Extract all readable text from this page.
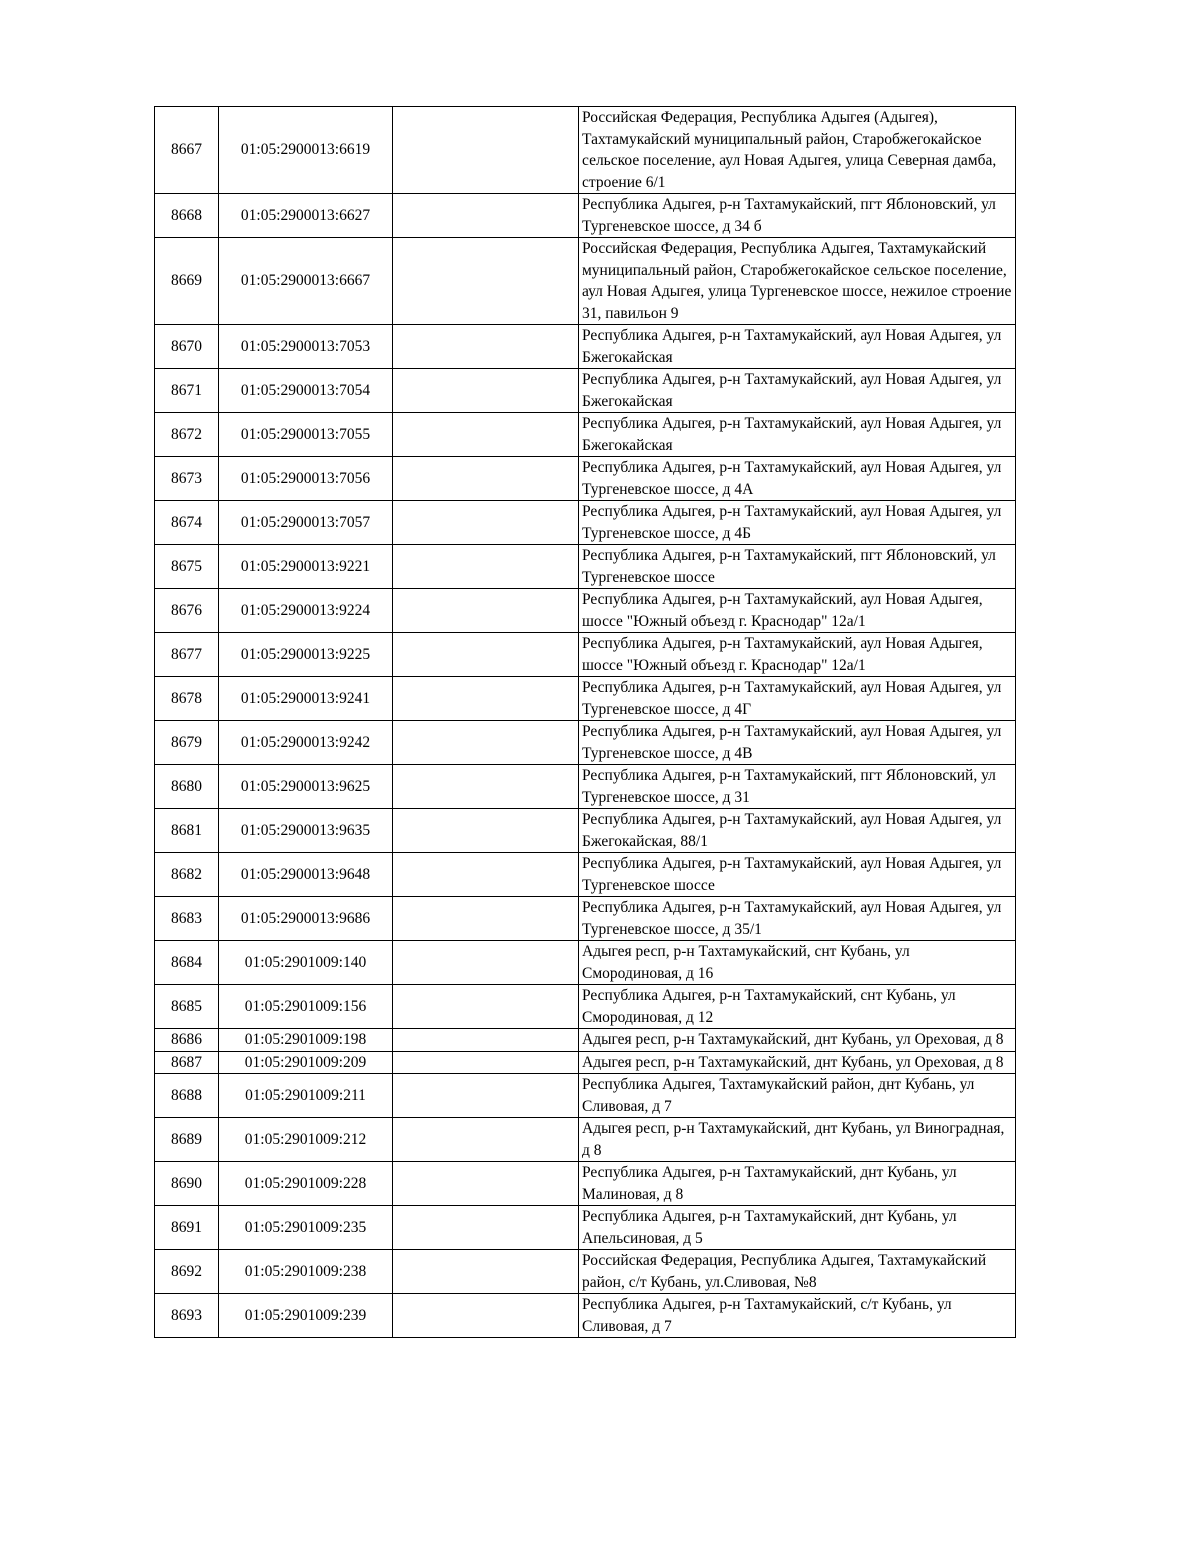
8667	01:05:2900013:6619		Российская Федерация, Республика Адыгея (Адыгея), Тахтамукайский муниципальный район, Старобжегокайское сельское поселение, аул Новая Адыгея, улица Северная дамба, строение 6/1
8668	01:05:2900013:6627		Республика Адыгея, р-н Тахтамукайский, пгт Яблоновский, ул Тургеневское шоссе, д 34 б
8669	01:05:2900013:6667		Российская Федерация, Республика Адыгея, Тахтамукайский муниципальный район, Старобжегокайское сельское поселение, аул Новая Адыгея, улица Тургеневское шоссе, нежилое строение 31, павильон 9
8670	01:05:2900013:7053		Республика Адыгея, р-н Тахтамукайский, аул Новая Адыгея, ул Бжегокайская
8671	01:05:2900013:7054		Республика Адыгея, р-н Тахтамукайский, аул Новая Адыгея, ул Бжегокайская
8672	01:05:2900013:7055		Республика Адыгея, р-н Тахтамукайский, аул Новая Адыгея, ул Бжегокайская
8673	01:05:2900013:7056		Республика Адыгея, р-н Тахтамукайский, аул Новая Адыгея, ул Тургеневское шоссе, д 4А
8674	01:05:2900013:7057		Республика Адыгея, р-н Тахтамукайский, аул Новая Адыгея, ул Тургеневское шоссе, д 4Б
8675	01:05:2900013:9221		Республика Адыгея, р-н Тахтамукайский, пгт Яблоновский, ул Тургеневское шоссе
8676	01:05:2900013:9224		Республика Адыгея, р-н Тахтамукайский, аул Новая Адыгея, шоссе "Южный объезд г. Краснодар" 12а/1
8677	01:05:2900013:9225		Республика Адыгея, р-н Тахтамукайский, аул Новая Адыгея, шоссе "Южный объезд г. Краснодар" 12а/1
8678	01:05:2900013:9241		Республика Адыгея, р-н Тахтамукайский, аул Новая Адыгея, ул Тургеневское шоссе, д 4Г
8679	01:05:2900013:9242		Республика Адыгея, р-н Тахтамукайский, аул Новая Адыгея, ул Тургеневское шоссе, д 4В
8680	01:05:2900013:9625		Республика Адыгея, р-н Тахтамукайский, пгт Яблоновский, ул Тургеневское шоссе, д 31
8681	01:05:2900013:9635		Республика Адыгея, р-н Тахтамукайский, аул Новая Адыгея, ул Бжегокайская, 88/1
8682	01:05:2900013:9648		Республика Адыгея, р-н Тахтамукайский, аул Новая Адыгея, ул Тургеневское шоссе
8683	01:05:2900013:9686		Республика Адыгея, р-н Тахтамукайский, аул Новая Адыгея, ул Тургеневское шоссе, д 35/1
8684	01:05:2901009:140		Адыгея респ, р-н Тахтамукайский, снт Кубань, ул Смородиновая, д 16
8685	01:05:2901009:156		Республика Адыгея, р-н Тахтамукайский, снт Кубань, ул Смородиновая, д 12
8686	01:05:2901009:198		Адыгея респ, р-н Тахтамукайский, днт Кубань, ул Ореховая, д 8
8687	01:05:2901009:209		Адыгея респ, р-н Тахтамукайский, днт Кубань, ул Ореховая, д 8
8688	01:05:2901009:211		Республика Адыгея, Тахтамукайский район, днт Кубань, ул Сливовая, д 7
8689	01:05:2901009:212		Адыгея респ, р-н Тахтамукайский, днт Кубань, ул Виноградная, д 8
8690	01:05:2901009:228		Республика Адыгея, р-н Тахтамукайский, днт Кубань, ул Малиновая, д 8
8691	01:05:2901009:235		Республика Адыгея, р-н Тахтамукайский, днт Кубань, ул Апельсиновая, д 5
8692	01:05:2901009:238		Российская Федерация, Республика Адыгея, Тахтамукайский район, с/т Кубань, ул.Сливовая, №8
8693	01:05:2901009:239		Республика Адыгея, р-н Тахтамукайский, с/т Кубань, ул Сливовая, д 7
